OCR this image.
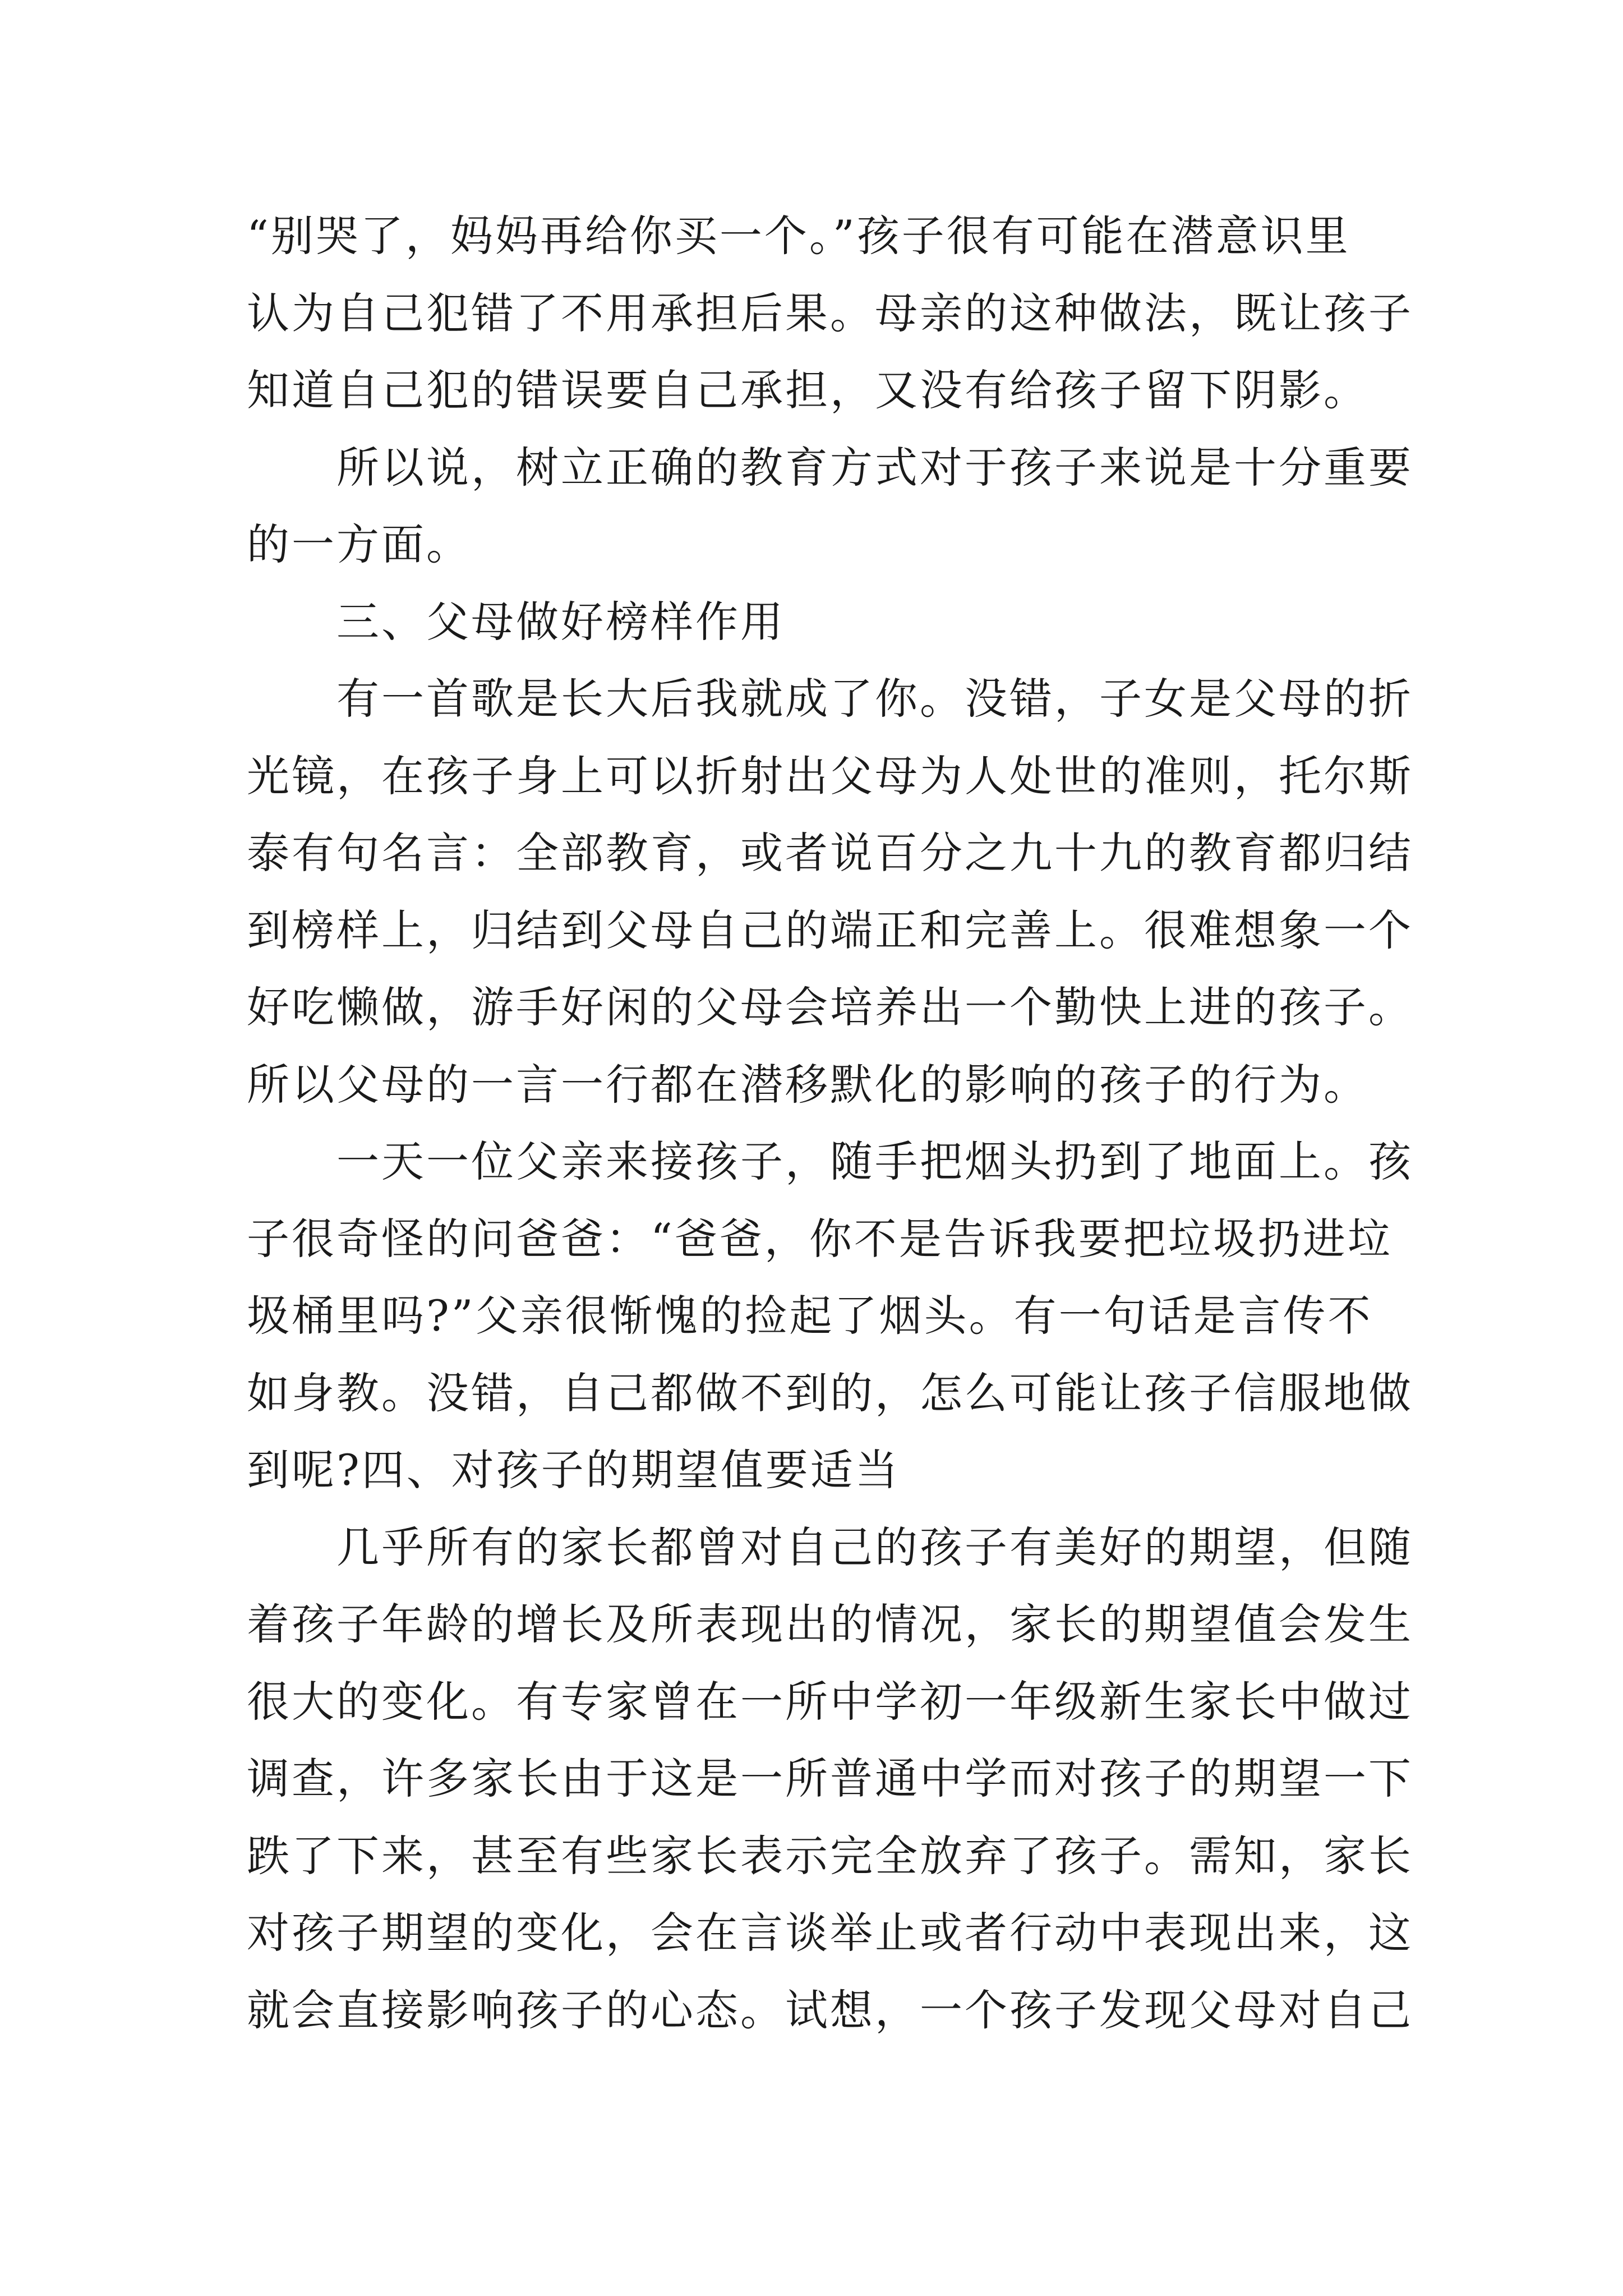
“别哭了，妈妈再给你买一个。”孩子很有可能在潜意识里
认为自己犯错了不用承担后果。母亲的这种做法，既让孩子
知道自己犯的错误要自己承担，又没有给孩子留下阴影。
所以说，树立正确的教育方式对于孩子来说是十分重要
的一方面。
三、父母做好榜样作用
有一首歌是长大后我就成了你。没错，子女是父母的折
光镜，在孩子身上可以折射出父母为人处世的准则，托尔斯
泰有句名言：全部教育，或者说百分之九十九的教育都归结
到榜样上，归结到父母自己的端正和完善上。很难想象一个
好吃懒做，游手好闲的父母会培养出一个勤快上进的孩子。
所以父母的一言一行都在潜移默化的影响的孩子的行为。
一天一位父亲来接孩子，随手把烟头扔到了地面上。孩
子很奇怪的问爸爸：“爸爸，你不是告诉我要把垃圾扔进垃
圾桶里吗?”父亲很惭愧的捡起了烟头。有一句话是言传不
如身教。没错，自己都做不到的，怎么可能让孩子信服地做
到呢?四、对孩子的期望值要适当
几乎所有的家长都曾对自己的孩子有美好的期望，但随
着孩子年龄的增长及所表现出的情况，家长的期望值会发生
很大的变化。有专家曾在一所中学初一年级新生家长中做过
调查，许多家长由于这是一所普通中学而对孩子的期望一下
跌了下来，甚至有些家长表示完全放弃了孩子。需知，家长
对孩子期望的变化，会在言谈举止或者行动中表现出来，这
就会直接影响孩子的心态。试想，一个孩子发现父母对自己
